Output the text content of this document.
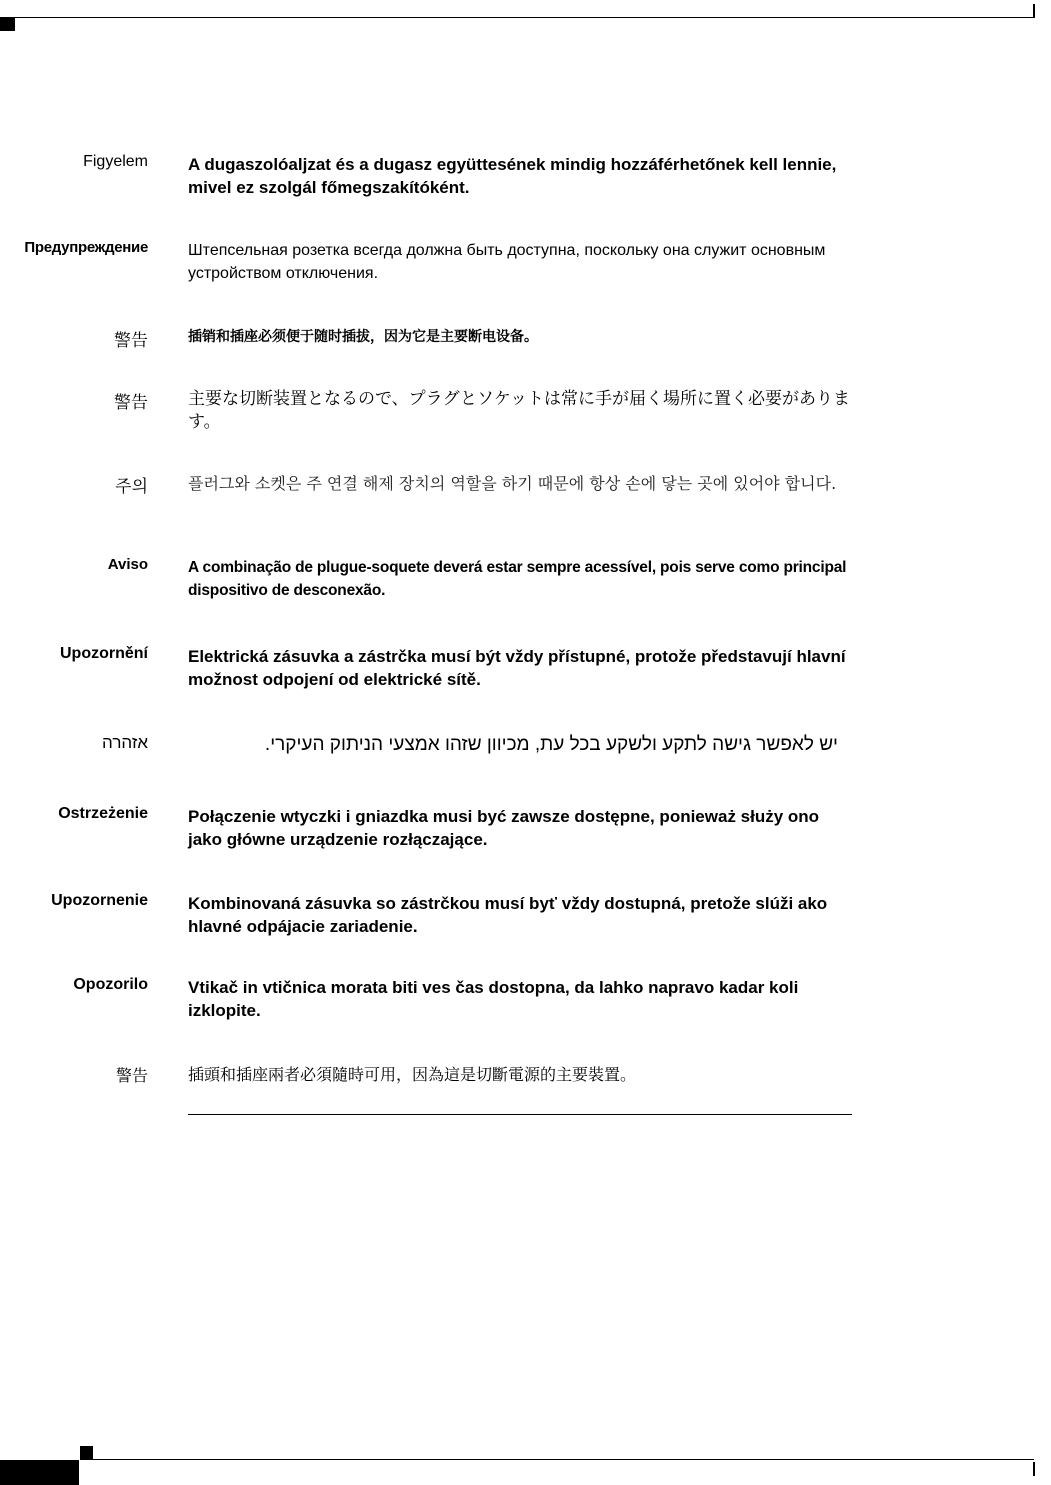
Figyelem A dugaszolóaljzat és a dugasz együttesének mindig hozzáférhetőnek kell lennie, mivel ez szolgál főmegszakítóként.
Предупреждение	Штепсельная розетка всегда должна быть доступна, поскольку она служит основным устройством отключения.
警告	插销和插座必须便于随时插拔，因为它是主要断电设备。
警告 主要な切断装置となるので、プラグとソケットは常に手が届く場所に置く必要があります。
주의	플러그와 소켓은 주 연결 해제 장치의 역할을 하기 때문에 항상 손에 닿는 곳에 있어야 합니다.
Aviso	A combinação de plugue-soquete deverá estar sempre acessível, pois serve como principal dispositivo de desconexão.
Upozornění Elektrická zásuvka a zástrčka musí být vždy přístupné, protože představují hlavní možnost odpojení od elektrické sítě.
אזהרה	יש לאפשר גישה לתקע ולשקע בכל עת, מכיוון שזהו אמצעי הניתוק העיקרי.
Ostrzeżenie Połączenie wtyczki i gniazdka musi być zawsze dostępne, ponieważ służy ono jako główne urządzenie rozłączające.
Upozornenie Kombinovaná zásuvka so zástrčkou musí byť vždy dostupná, pretože slúži ako hlavné odpájacie zariadenie.
Opozorilo Vtikač in vtičnica morata biti ves čas dostopna, da lahko napravo kadar koli izklopite.
警告	插頭和插座兩者必須隨時可用，因為這是切斷電源的主要裝置。
